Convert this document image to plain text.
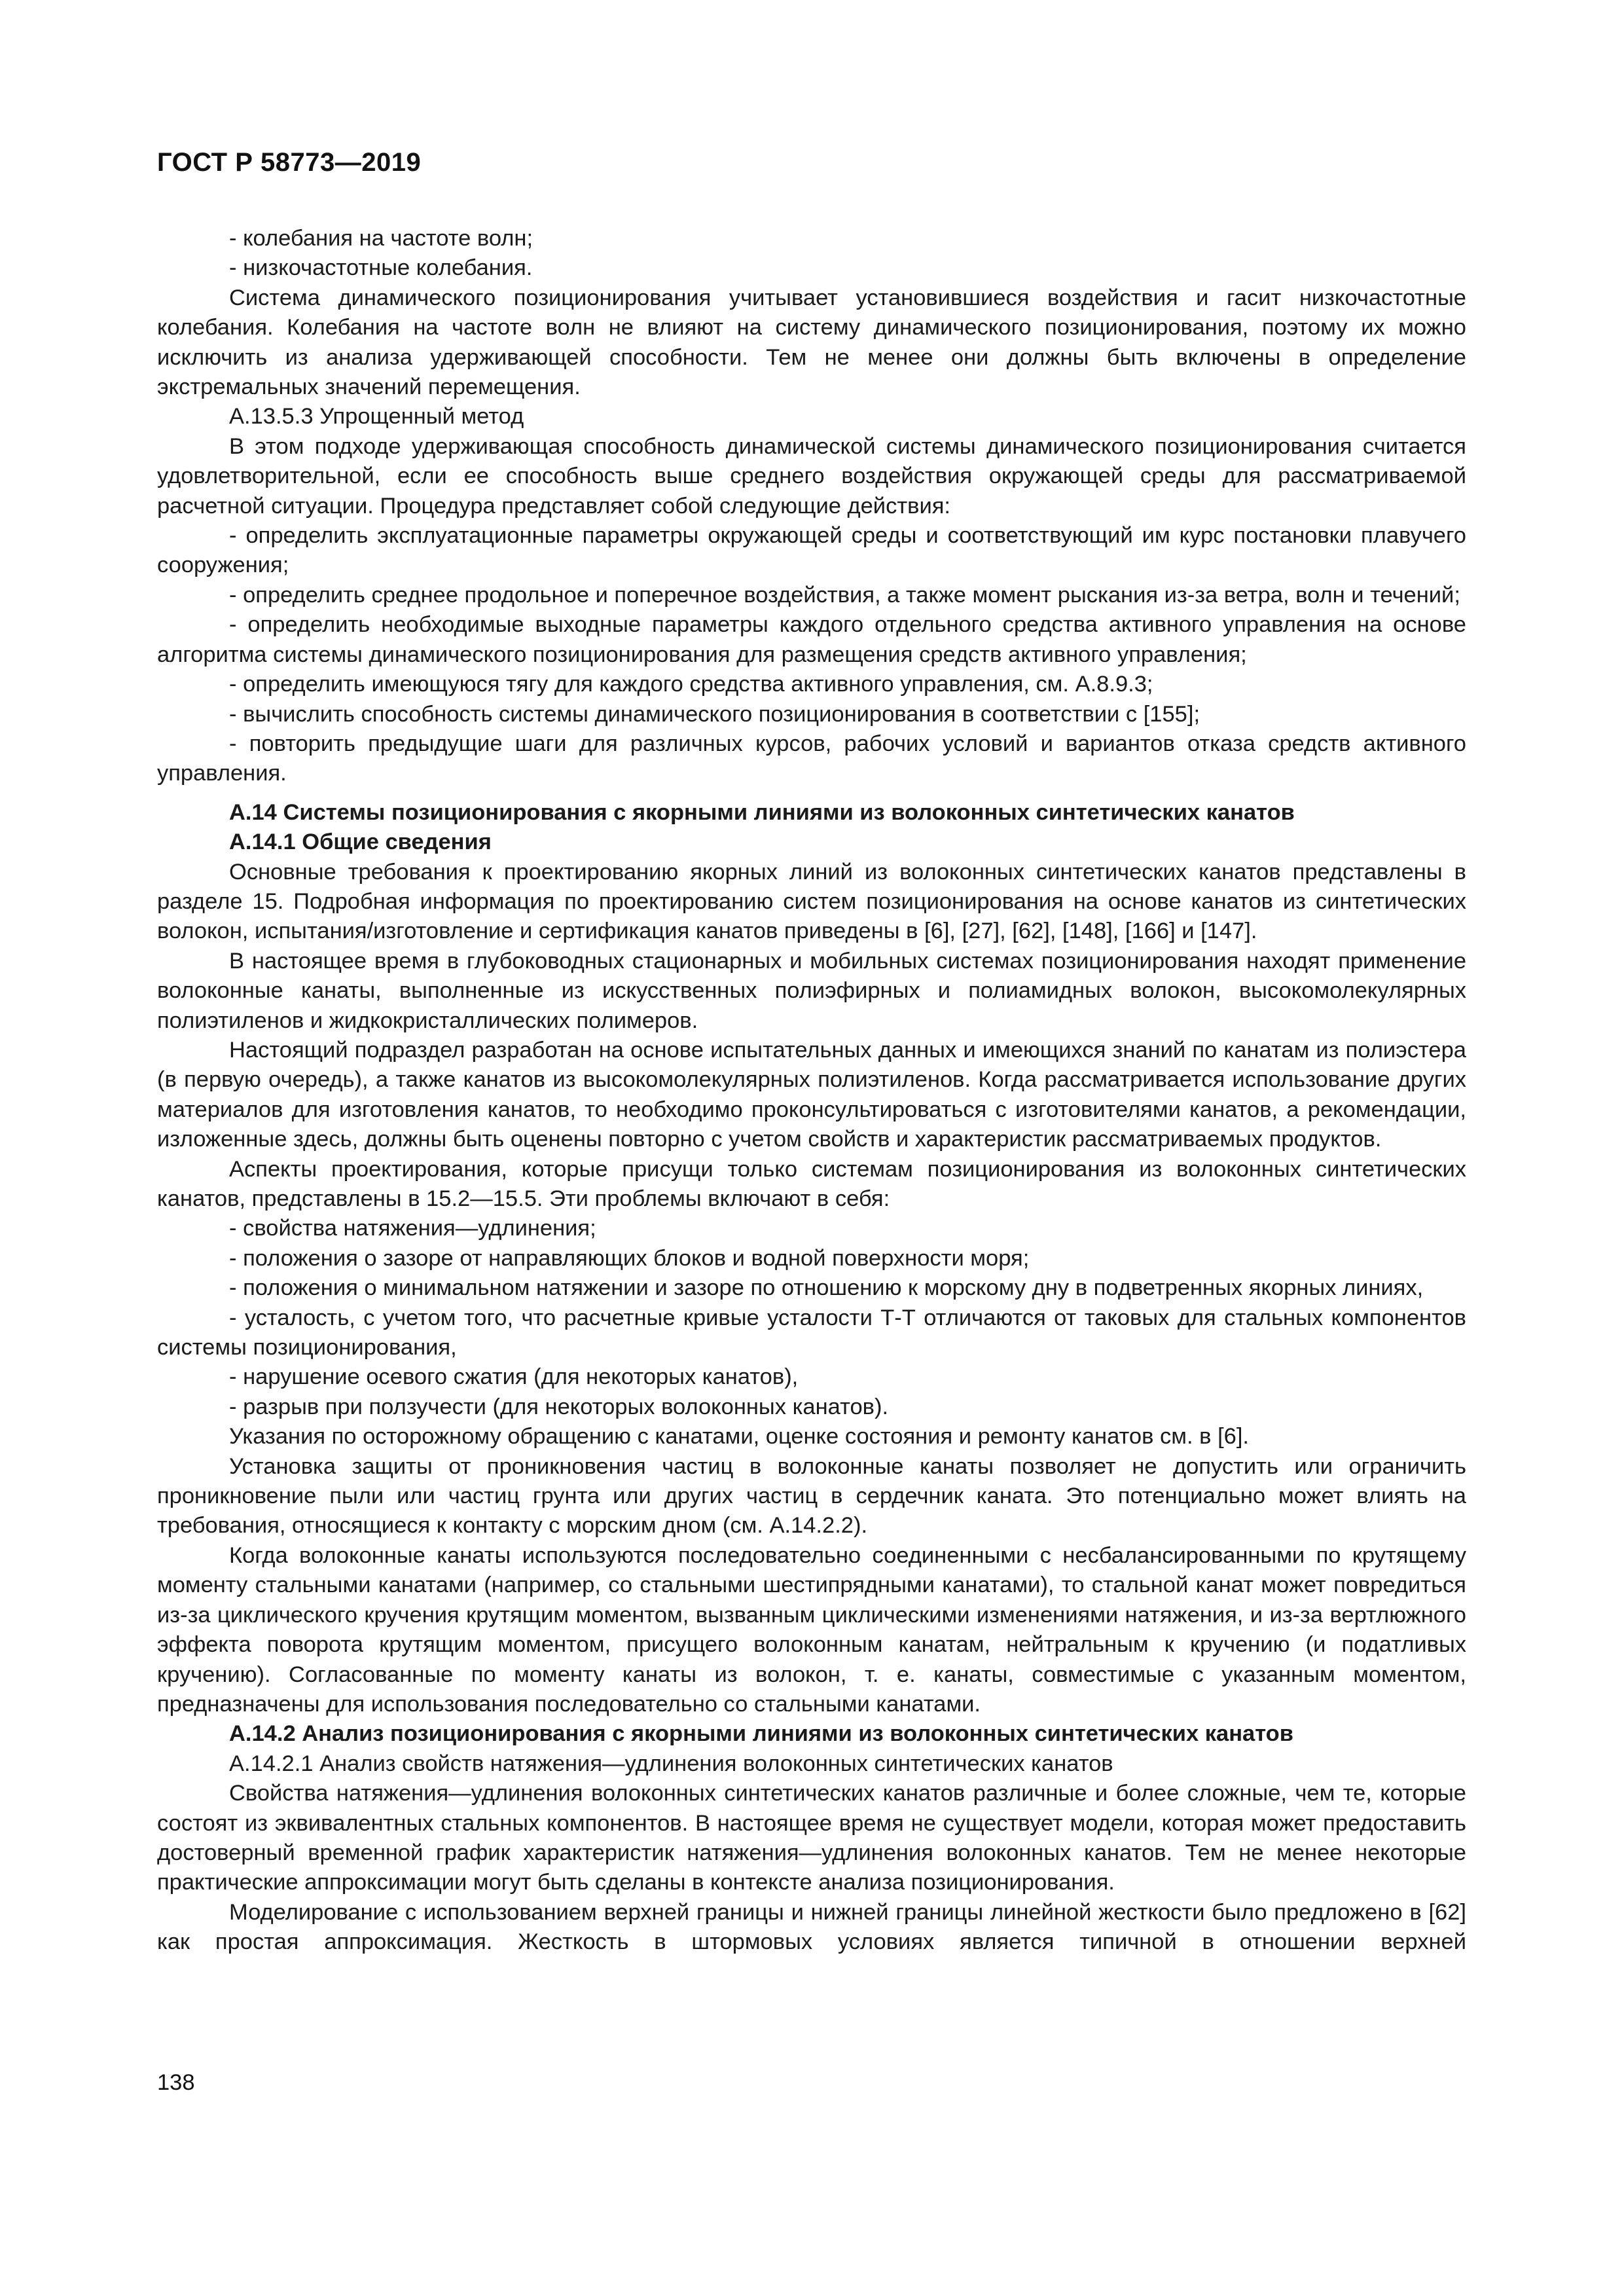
ГОСТ Р 58773—2019

- колебания на частоте волн;

- низкочастотные колебания.

Система динамического позиционирования учитывает установившиеся воздействия и гасит низкочастотные колебания. Колебания на частоте волн не влияют на систему динамического позиционирования, поэтому их можно исключить из анализа удерживающей способности. Тем не менее они должны быть включены в определение экстремальных значений перемещения.

А.13.5.3 Упрощенный метод

В этом подходе удерживающая способность динамической системы динамического позиционирования считается удовлетворительной, если ее способность выше среднего воздействия окружающей среды для рассматриваемой расчетной ситуации. Процедура представляет собой следующие действия:

- определить эксплуатационные параметры окружающей среды и соответствующий им курс постановки плавучего сооружения;

- определить среднее продольное и поперечное воздействия, а также момент рыскания из-за ветра, волн и течений;

- определить необходимые выходные параметры каждого отдельного средства активного управления на основе алгоритма системы динамического позиционирования для размещения средств активного управления;

- определить имеющуюся тягу для каждого средства активного управления, см. А.8.9.3;

- вычислить способность системы динамического позиционирования в соответствии с [155];

- повторить предыдущие шаги для различных курсов, рабочих условий и вариантов отказа средств активного управления.

А.14 Системы позиционирования с якорными линиями из волоконных синтетических канатов

А.14.1 Общие сведения

Основные требования к проектированию якорных линий из волоконных синтетических канатов представлены в разделе 15. Подробная информация по проектированию систем позиционирования на основе канатов из синтетических волокон, испытания/изготовление и сертификация канатов приведены в [6], [27], [62], [148], [166] и [147].

В настоящее время в глубоководных стационарных и мобильных системах позиционирования находят применение волоконные канаты, выполненные из искусственных полиэфирных и полиамидных волокон, высокомолекулярных полиэтиленов и жидкокристаллических полимеров.

Настоящий подраздел разработан на основе испытательных данных и имеющихся знаний по канатам из полиэстера (в первую очередь), а также канатов из высокомолекулярных полиэтиленов. Когда рассматривается использование других материалов для изготовления канатов, то необходимо проконсультироваться с изготовителями канатов, а рекомендации, изложенные здесь, должны быть оценены повторно с учетом свойств и характеристик рассматриваемых продуктов.

Аспекты проектирования, которые присущи только системам позиционирования из волоконных синтетических канатов, представлены в 15.2—15.5. Эти проблемы включают в себя:

- свойства натяжения—удлинения;

- положения о зазоре от направляющих блоков и водной поверхности моря;

- положения о минимальном натяжении и зазоре по отношению к морскому дну в подветренных якорных линиях,

- усталость, с учетом того, что расчетные кривые усталости Т-Т отличаются от таковых для стальных компонентов системы позиционирования,

- нарушение осевого сжатия (для некоторых канатов),

- разрыв при ползучести (для некоторых волоконных канатов).

Указания по осторожному обращению с канатами, оценке состояния и ремонту канатов см. в [6].

Установка защиты от проникновения частиц в волоконные канаты позволяет не допустить или ограничить проникновение пыли или частиц грунта или других частиц в сердечник каната. Это потенциально может влиять на требования, относящиеся к контакту с морским дном (см. А.14.2.2).

Когда волоконные канаты используются последовательно соединенными с несбалансированными по крутящему моменту стальными канатами (например, со стальными шестипрядными канатами), то стальной канат может повредиться из-за циклического кручения крутящим моментом, вызванным циклическими изменениями натяжения, и из-за вертлюжного эффекта поворота крутящим моментом, присущего волоконным канатам, нейтральным к кручению (и податливых кручению). Согласованные по моменту канаты из волокон, т. е. канаты, совместимые с указанным моментом, предназначены для использования последовательно со стальными канатами.

А.14.2 Анализ позиционирования с якорными линиями из волоконных синтетических канатов

А.14.2.1 Анализ свойств натяжения—удлинения волоконных синтетических канатов

Свойства натяжения—удлинения волоконных синтетических канатов различные и более сложные, чем те, которые состоят из эквивалентных стальных компонентов. В настоящее время не существует модели, которая может предоставить достоверный временной график характеристик натяжения—удлинения волоконных канатов. Тем не менее некоторые практические аппроксимации могут быть сделаны в контексте анализа позиционирования.

Моделирование с использованием верхней границы и нижней границы линейной жесткости было предложено в [62] как простая аппроксимация. Жесткость в штормовых условиях является типичной в отношении верхней

138
